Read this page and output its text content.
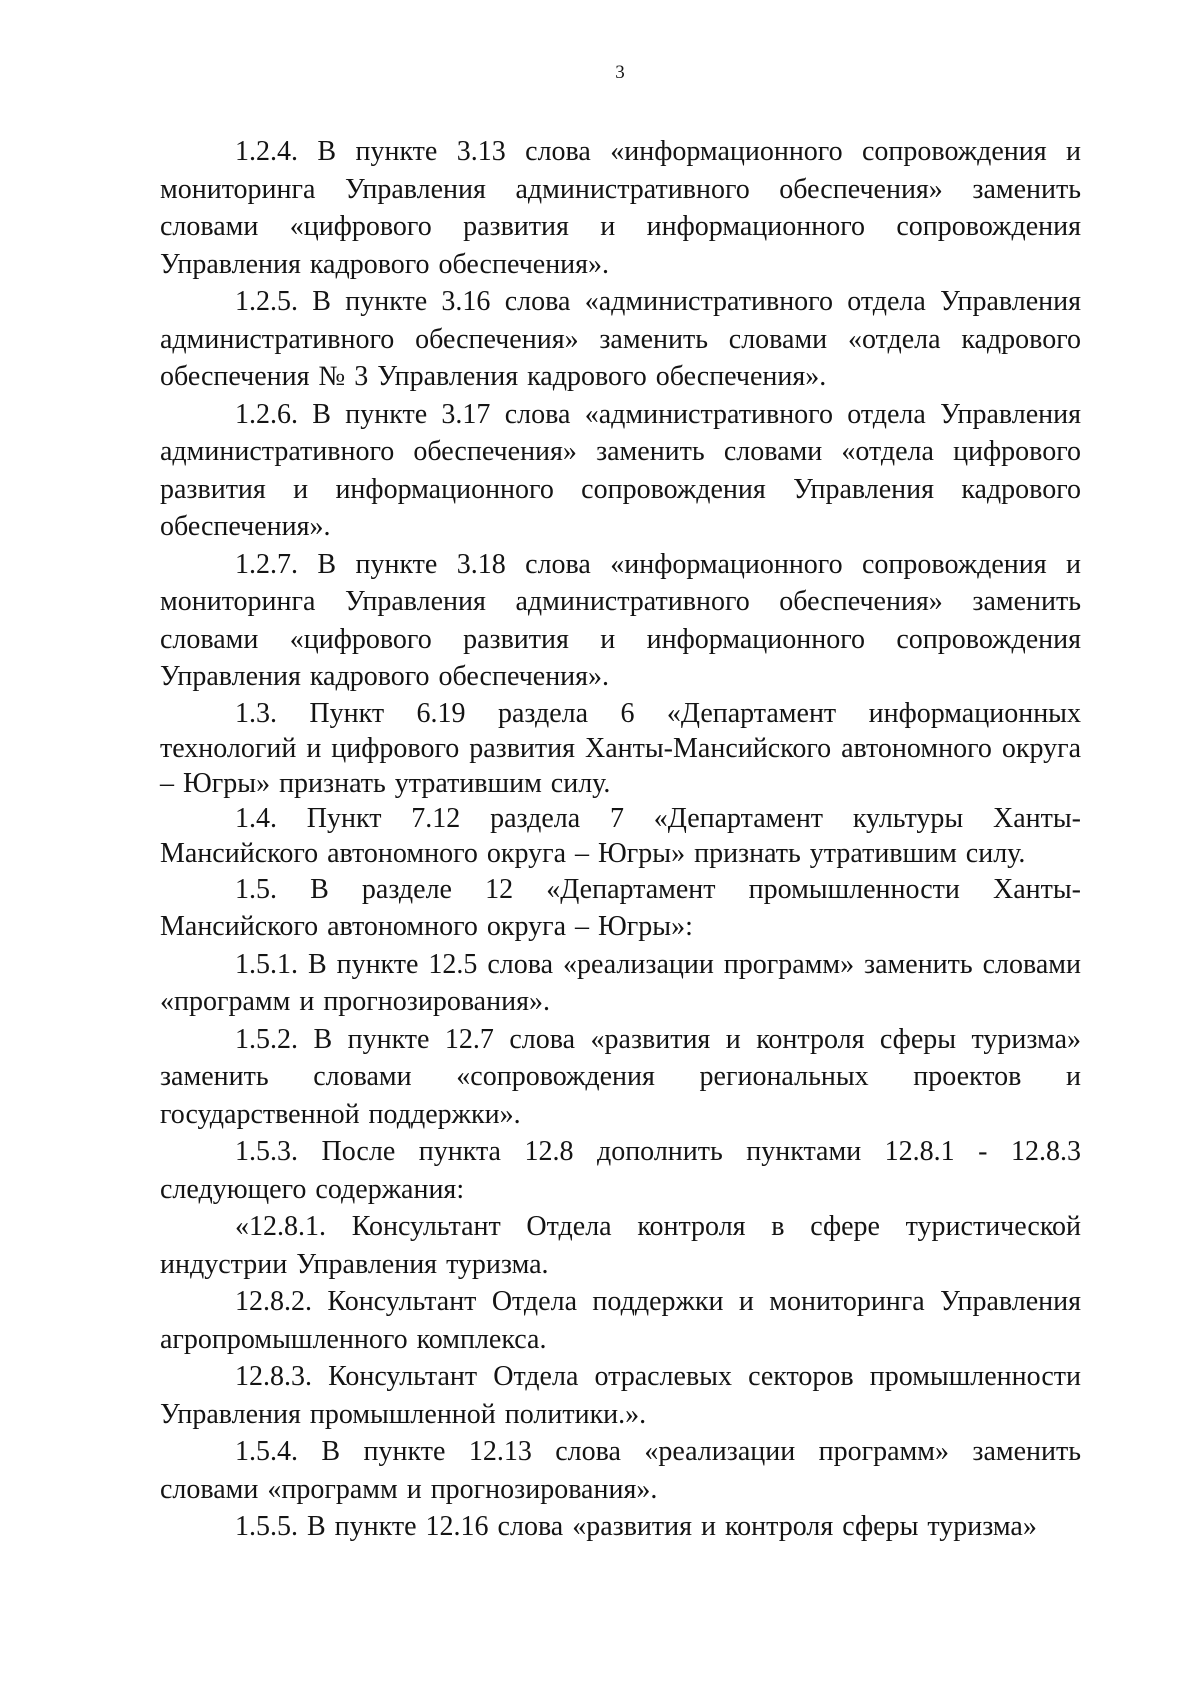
3

1.2.4. В пункте 3.13 слова «информационного сопровождения и мониторинга Управления административного обеспечения» заменить словами «цифрового развития и информационного сопровождения Управления кадрового обеспечения».

1.2.5. В пункте 3.16 слова «административного отдела Управления административного обеспечения» заменить словами «отдела кадрового обеспечения № 3 Управления кадрового обеспечения».

1.2.6. В пункте 3.17 слова «административного отдела Управления административного обеспечения» заменить словами «отдела цифрового развития и информационного сопровождения Управления кадрового обеспечения».

1.2.7. В пункте 3.18 слова «информационного сопровождения и мониторинга Управления административного обеспечения» заменить словами «цифрового развития и информационного сопровождения Управления кадрового обеспечения».

1.3. Пункт 6.19 раздела 6 «Департамент информационных технологий и цифрового развития Ханты-Мансийского автономного округа – Югры» признать утратившим силу.

1.4. Пункт 7.12 раздела 7 «Департамент культуры Ханты-Мансийского автономного округа – Югры» признать утратившим силу.

1.5. В разделе 12 «Департамент промышленности Ханты-Мансийского автономного округа – Югры»:

1.5.1. В пункте 12.5 слова «реализации программ» заменить словами «программ и прогнозирования».

1.5.2. В пункте 12.7 слова «развития и контроля сферы туризма» заменить словами «сопровождения региональных проектов и государственной поддержки».

1.5.3. После пункта 12.8 дополнить пунктами 12.8.1 - 12.8.3 следующего содержания:

«12.8.1. Консультант Отдела контроля в сфере туристической индустрии Управления туризма.

12.8.2. Консультант Отдела поддержки и мониторинга Управления агропромышленного комплекса.

12.8.3. Консультант Отдела отраслевых секторов промышленности Управления промышленной политики.».

1.5.4. В пункте 12.13 слова «реализации программ» заменить словами «программ и прогнозирования».

1.5.5. В пункте 12.16 слова «развития и контроля сферы туризма»
